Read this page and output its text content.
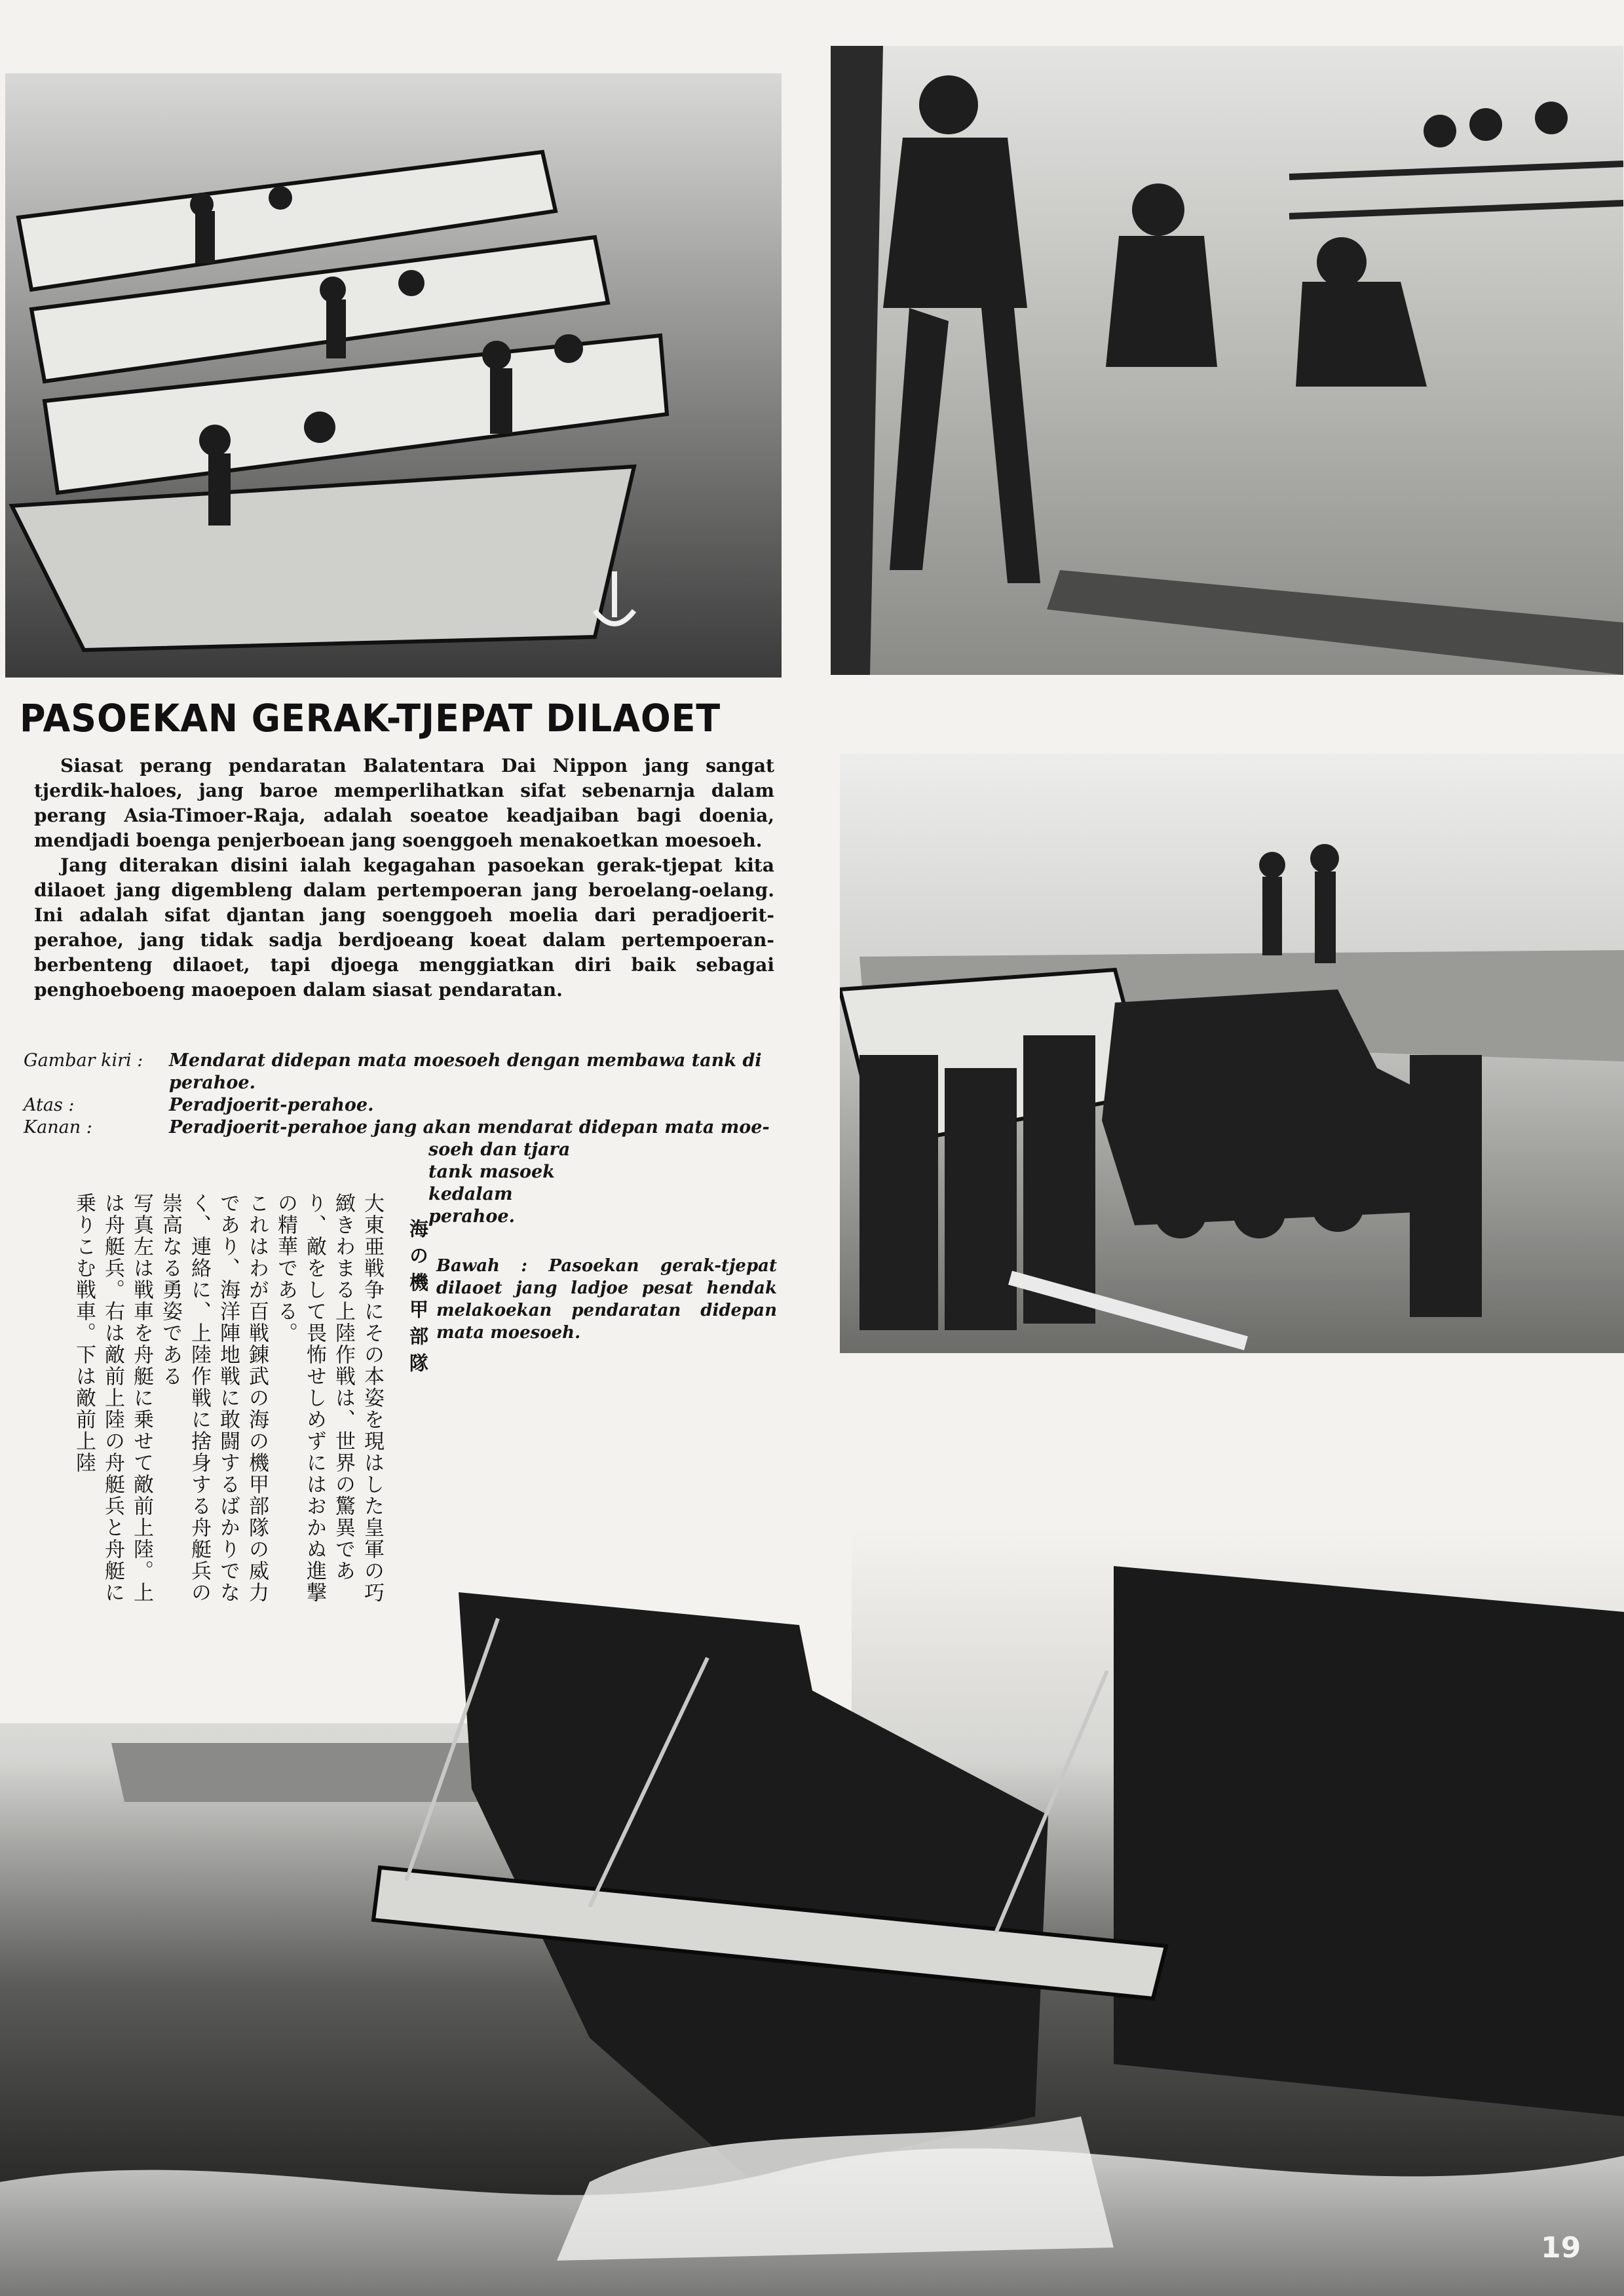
PASOEKAN GERAK-TJEPAT DILAOET

Siasat perang pendaratan Balatentara Dai Nippon jang sangat tjerdik-haloes, jang baroe memperlihatkan sifat sebenarnja dalam perang Asia-Timoer-Raja, adalah soeatoe keadjaiban bagi doenia, mendjadi boenga penjerboean jang soenggoeh menakoetkan moesoeh.

Jang diterakan disini ialah kegagahan pasoekan gerak-tjepat kita dilaoet jang digembleng dalam pertempoeran jang beroelang-oelang. Ini adalah sifat djantan jang soenggoeh moelia dari peradjoerit-perahoe, jang tidak sadja berdjoeang koeat dalam pertempoeran-berbenteng dilaoet, tapi djoega menggiatkan diri baik sebagai penghoeboeng maoepoen dalam siasat pendaratan.

Gambar kiri :	Mendarat didepan mata moesoeh dengan membawa tank di perahoe.
Atas :	Peradjoerit-perahoe.
Kanan :	Peradjoerit-perahoe jang akan mendarat didepan mata moe-
soeh dan tjara tank masoek kedalam perahoe.
Bawah : Pasoekan gerak-tjepat dilaoet jang ladjoe pesat hendak melakoekan pendaratan didepan mata moesoeh.
海の機甲部隊

大東亜戦争にその本姿を現はした皇軍の巧緻きわまる上陸作戦は、世界の驚異であり、敵をして畏怖せしめずにはおかぬ進撃の精華である。

これはわが百戦錬武の海の機甲部隊の威力であり、海洋陣地戦に敢闘するばかりでなく、連絡に、上陸作戦に捨身する舟艇兵の崇高なる勇姿である

写真左は戦車を舟艇に乗せて敵前上陸。上は舟艇兵。右は敵前上陸の舟艇兵と舟艇に乗りこむ戦車。下は敵前上陸

19
